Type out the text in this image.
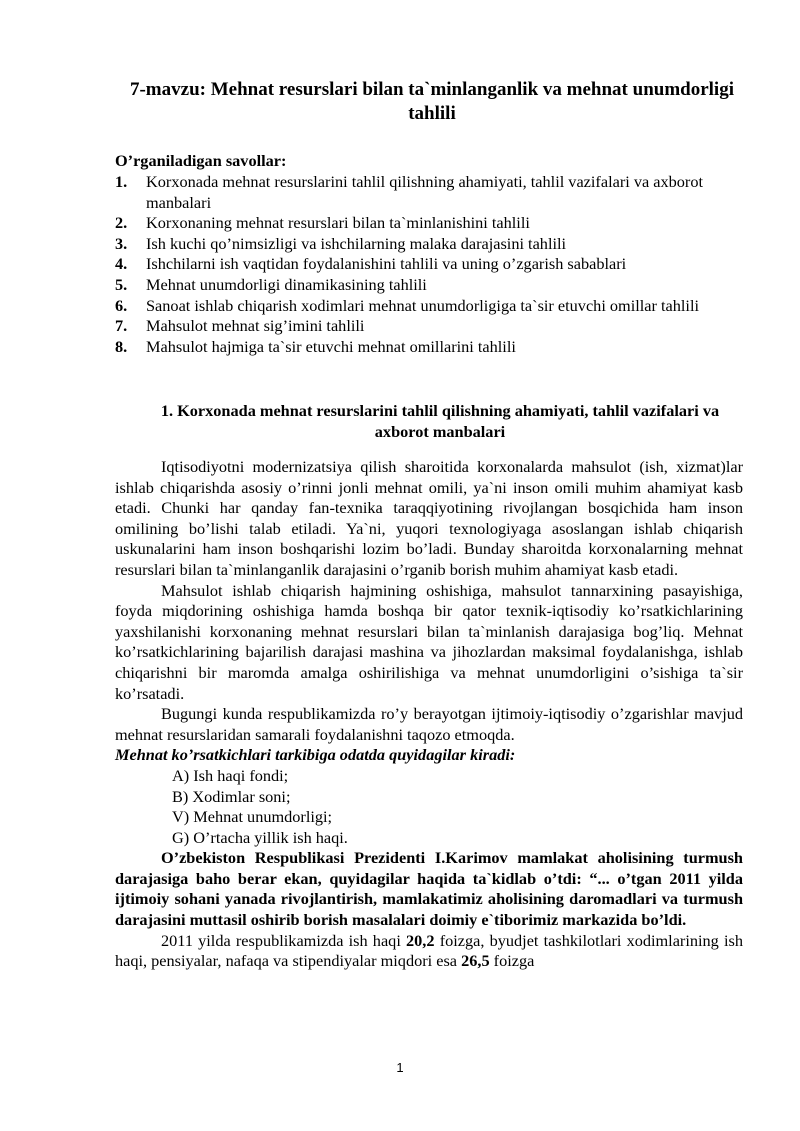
7-mavzu: Mehnat resurslari bilan ta`minlanganlik va mehnat unumdorligi tahlili
O’rganiladigan savollar:
1. Korxonada mehnat resurslarini tahlil qilishning ahamiyati, tahlil vazifalari va axborot manbalari
2. Korxonaning mehnat resurslari bilan ta`minlanishini tahlili
3. Ish kuchi qo’nimsizligi va ishchilarning malaka darajasini tahlili
4. Ishchilarni ish vaqtidan foydalanishini tahlili va uning o’zgarish sabablari
5. Mehnat unumdorligi dinamikasining tahlili
6. Sanoat ishlab chiqarish xodimlari mehnat unumdorligiga ta`sir etuvchi omillar tahlili
7. Mahsulot mehnat sig’imini tahlili
8. Mahsulot hajmiga ta`sir etuvchi mehnat omillarini tahlili
1. Korxonada mehnat resurslarini tahlil qilishning ahamiyati, tahlil vazifalari va axborot manbalari

Iqtisodiyotni modernizatsiya qilish sharoitida korxonalarda mahsulot (ish, xizmat)lar ishlab chiqarishda asosiy o’rinni jonli mehnat omili, ya`ni inson omili muhim ahamiyat kasb etadi. Chunki har qanday fan-texnika taraqqiyotining rivojlangan bosqichida ham inson omilining bo’lishi talab etiladi. Ya`ni, yuqori texnologiyaga asoslangan ishlab chiqarish uskunalarini ham inson boshqarishi lozim bo’ladi. Bunday sharoitda korxonalarning mehnat resurslari bilan ta`minlanganlik darajasini o’rganib borish muhim ahamiyat kasb etadi.

Mahsulot ishlab chiqarish hajmining oshishiga, mahsulot tannarxining pasayishiga, foyda miqdorining oshishiga hamda boshqa bir qator texnik-iqtisodiy ko’rsatkichlarining yaxshilanishi korxonaning mehnat resurslari bilan ta`minlanish darajasiga bog’liq. Mehnat ko’rsatkichlarining bajarilish darajasi mashina va jihozlardan maksimal foydalanishga, ishlab chiqarishni bir maromda amalga oshirilishiga va mehnat unumdorligini o’sishiga ta`sir ko’rsatadi.

Bugungi kunda respublikamizda ro’y berayotgan ijtimoiy-iqtisodiy o’zgarishlar mavjud mehnat resurslaridan samarali foydalanishni taqozo etmoqda.

Mehnat ko’rsatkichlari tarkibiga odatda quyidagilar kiradi:

A) Ish haqi fondi;

B) Xodimlar soni;

V) Mehnat unumdorligi;

G) O’rtacha yillik ish haqi.

O’zbekiston Respublikasi Prezidenti I.Karimov mamlakat aholisining turmush darajasiga baho berar ekan, quyidagilar haqida ta`kidlab o’tdi: “... o’tgan 2011 yilda ijtimoiy sohani yanada rivojlantirish, mamlakatimiz aholisining daromadlari va turmush darajasini muttasil oshirib borish masalalari doimiy e`tiborimiz markazida bo’ldi.

2011 yilda respublikamizda ish haqi 20,2 foizga, byudjet tashkilotlari xodimlarining ish haqi, pensiyalar, nafaqa va stipendiyalar miqdori esa 26,5 foizga

1
